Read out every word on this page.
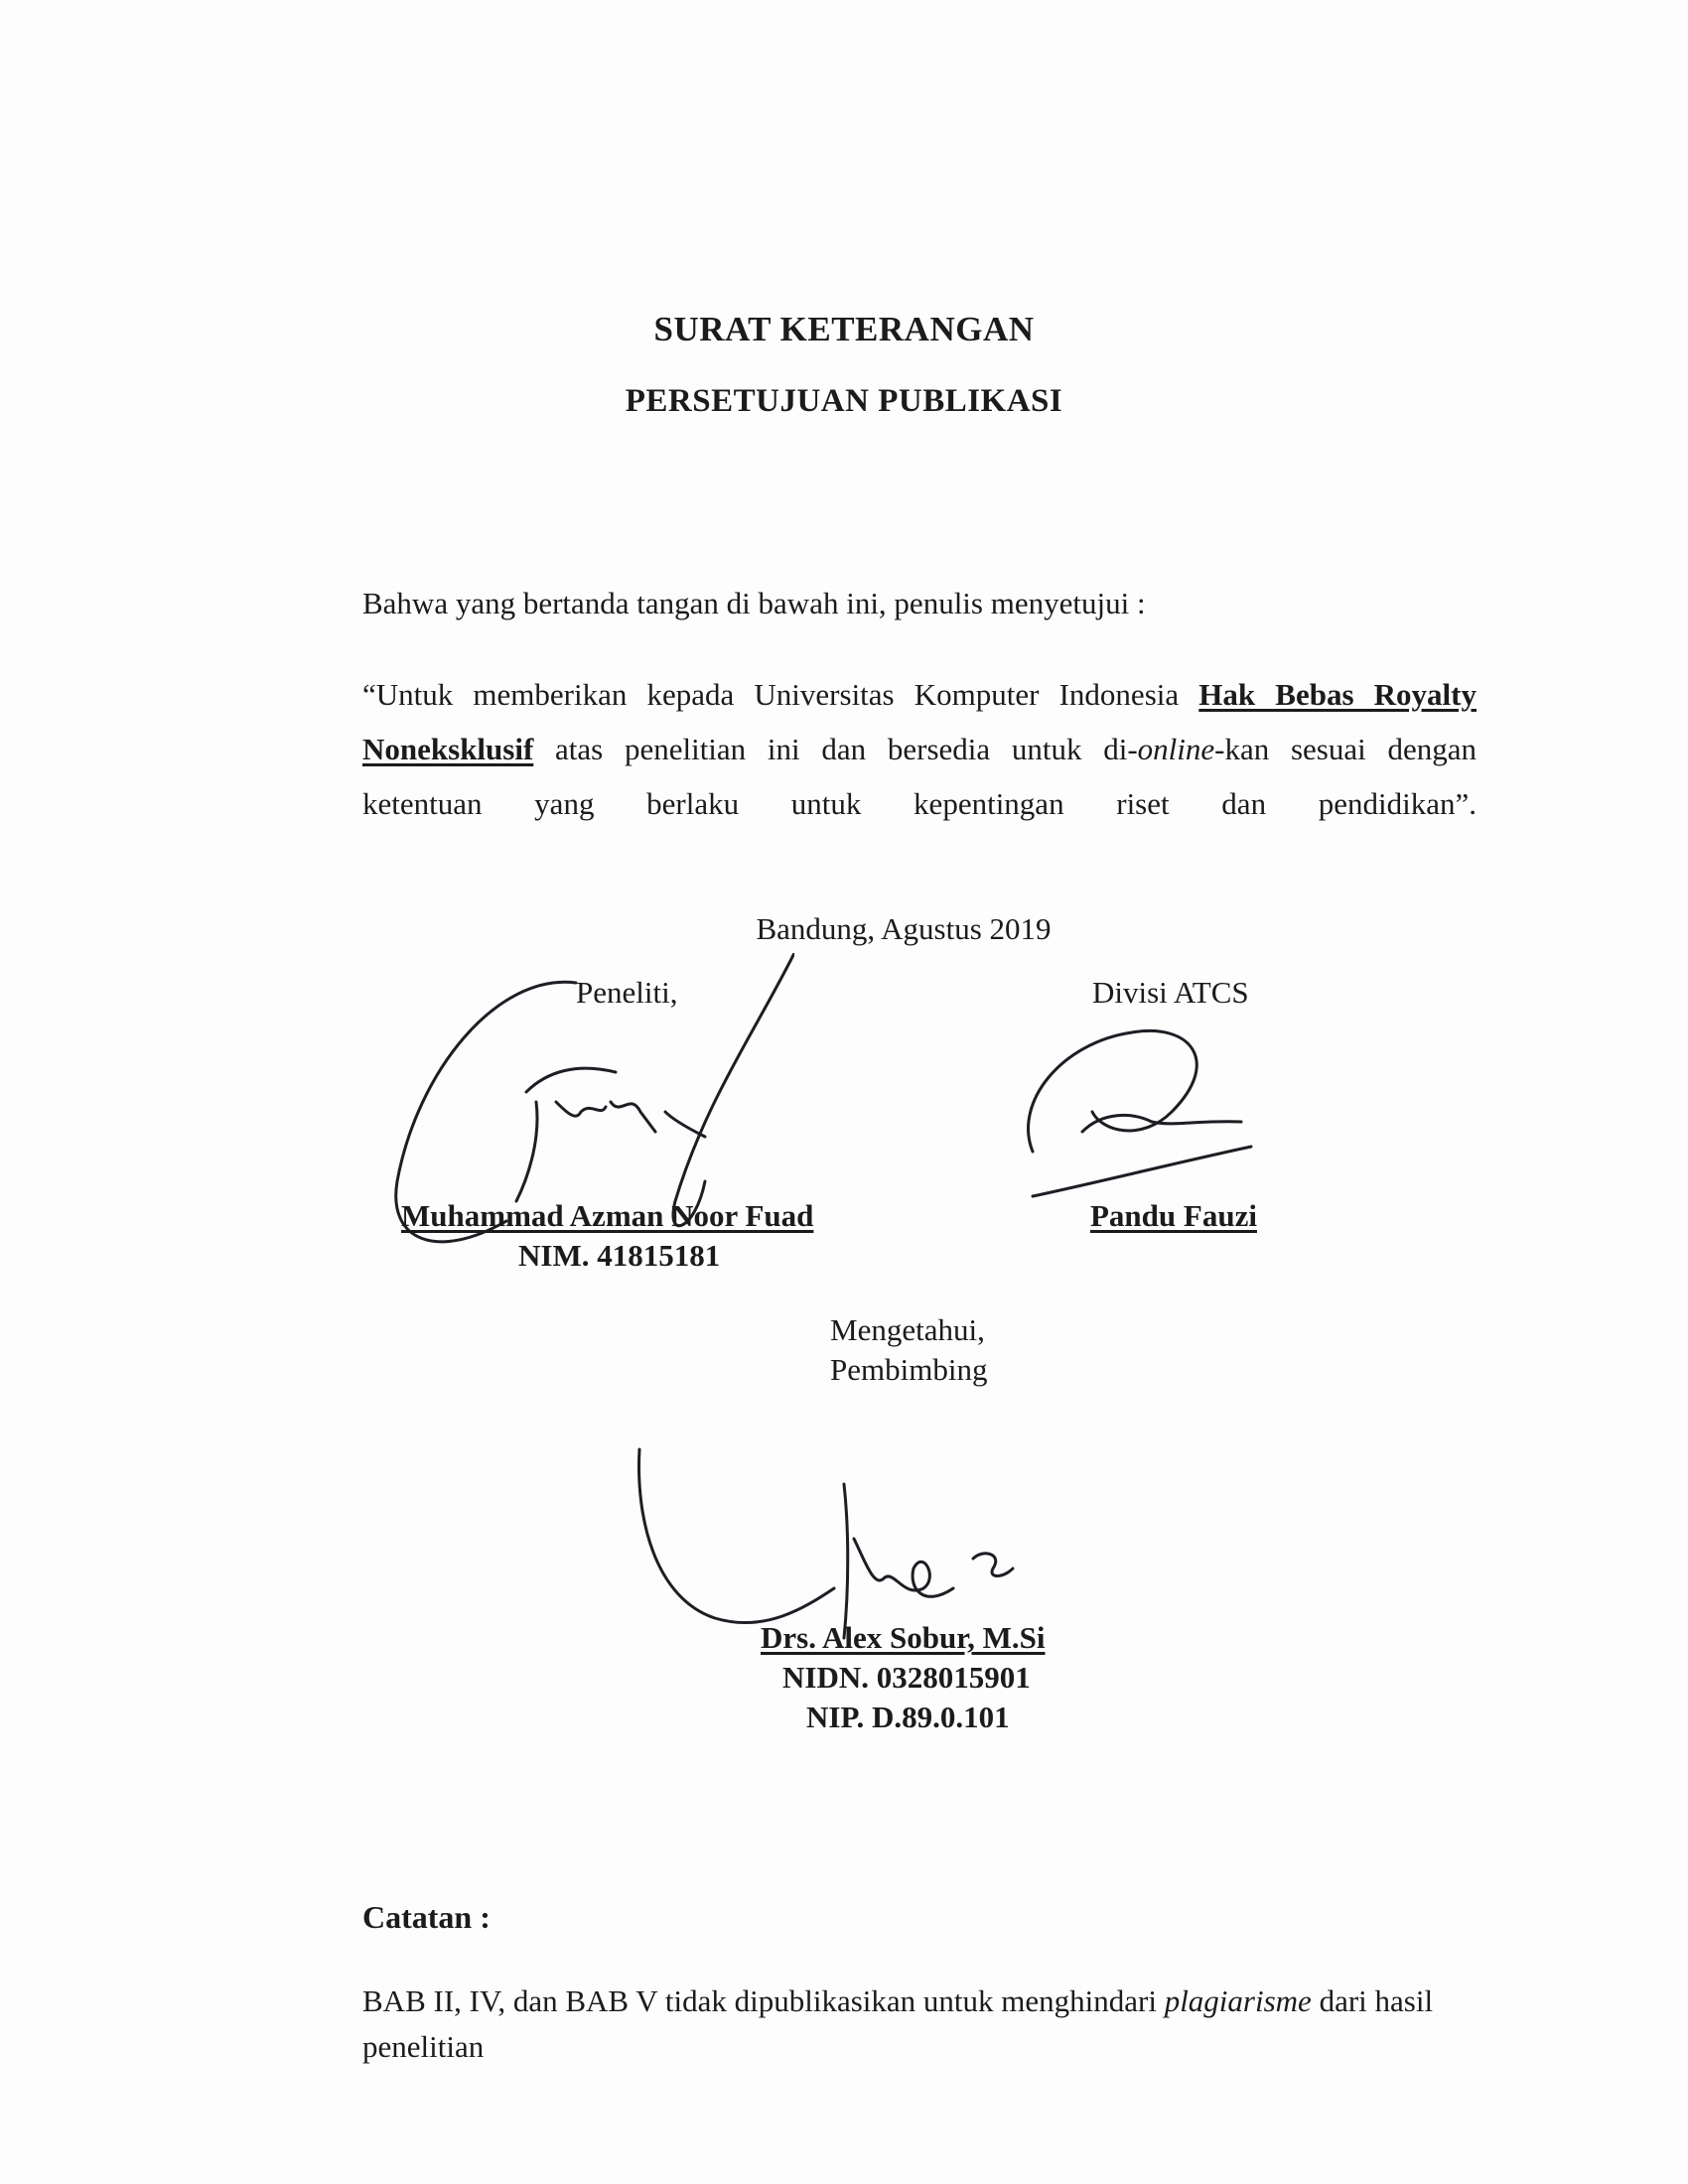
SURAT KETERANGAN
PERSETUJUAN PUBLIKASI
Bahwa yang bertanda tangan di bawah ini, penulis menyetujui :
“Untuk memberikan kepada Universitas Komputer Indonesia Hak Bebas Royalty Noneksklusif atas penelitian ini dan bersedia untuk di-online-kan sesuai dengan ketentuan yang berlaku untuk kepentingan riset dan pendidikan”.
Bandung, Agustus 2019
Peneliti,
Muhammad Azman Noor Fuad
NIM. 41815181
Divisi ATCS
Pandu Fauzi
Mengetahui,
Pembimbing
Drs. Alex Sobur, M.Si
NIDN. 0328015901
NIP. D.89.0.101
Catatan :
BAB II, IV, dan BAB V tidak dipublikasikan untuk menghindari plagiarisme dari hasil penelitian
